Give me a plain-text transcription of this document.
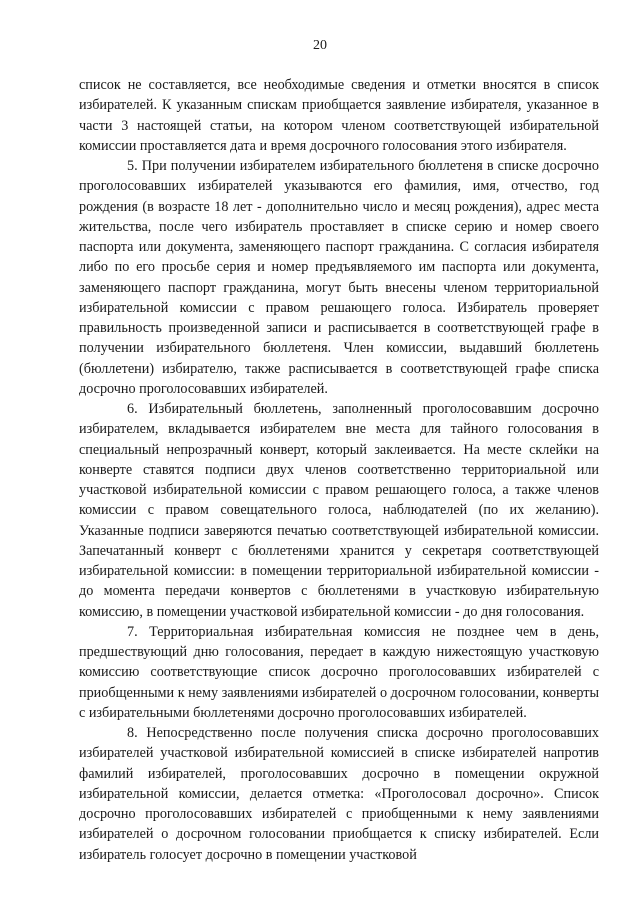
20

список не составляется, все необходимые сведения и отметки вносятся в список избирателей. К указанным спискам приобщается заявление избирателя, указанное в части 3 настоящей статьи, на котором членом соответствующей избирательной комиссии проставляется дата и время досрочного голосования этого избирателя.

5. При получении избирателем избирательного бюллетеня в списке досрочно проголосовавших избирателей указываются его фамилия, имя, отчество, год рождения (в возрасте 18 лет - дополнительно число и месяц рождения), адрес места жительства, после чего избиратель проставляет в списке серию и номер своего паспорта или документа, заменяющего паспорт гражданина. С согласия избирателя либо по его просьбе серия и номер предъявляемого им паспорта или документа, заменяющего паспорт гражданина, могут быть внесены членом территориальной избирательной комиссии с правом решающего голоса. Избиратель проверяет правильность произведенной записи и расписывается в соответствующей графе в получении избирательного бюллетеня. Член комиссии, выдавший бюллетень (бюллетени) избирателю, также расписывается в соответствующей графе списка досрочно проголосовавших избирателей.

6. Избирательный бюллетень, заполненный проголосовавшим досрочно избирателем, вкладывается избирателем вне места для тайного голосования в специальный непрозрачный конверт, который заклеивается. На месте склейки на конверте ставятся подписи двух членов соответственно территориальной или участковой избирательной комиссии с правом решающего голоса, а также членов комиссии с правом совещательного голоса, наблюдателей (по их желанию). Указанные подписи заверяются печатью соответствующей избирательной комиссии. Запечатанный конверт с бюллетенями хранится у секретаря соответствующей избирательной комиссии: в помещении территориальной избирательной комиссии - до момента передачи конвертов с бюллетенями в участковую избирательную комиссию, в помещении участковой избирательной комиссии - до дня голосования.

7. Территориальная избирательная комиссия не позднее чем в день, предшествующий дню голосования, передает в каждую нижестоящую участковую комиссию соответствующие список досрочно проголосовавших избирателей с приобщенными к нему заявлениями избирателей о досрочном голосовании, конверты с избирательными бюллетенями досрочно проголосовавших избирателей.

8. Непосредственно после получения списка досрочно проголосовавших избирателей участковой избирательной комиссией в списке избирателей напротив фамилий избирателей, проголосовавших досрочно в помещении окружной избирательной комиссии, делается отметка: «Проголосовал досрочно». Список досрочно проголосовавших избирателей с приобщенными к нему заявлениями избирателей о досрочном голосовании приобщается к списку избирателей. Если избиратель голосует досрочно в помещении участковой
